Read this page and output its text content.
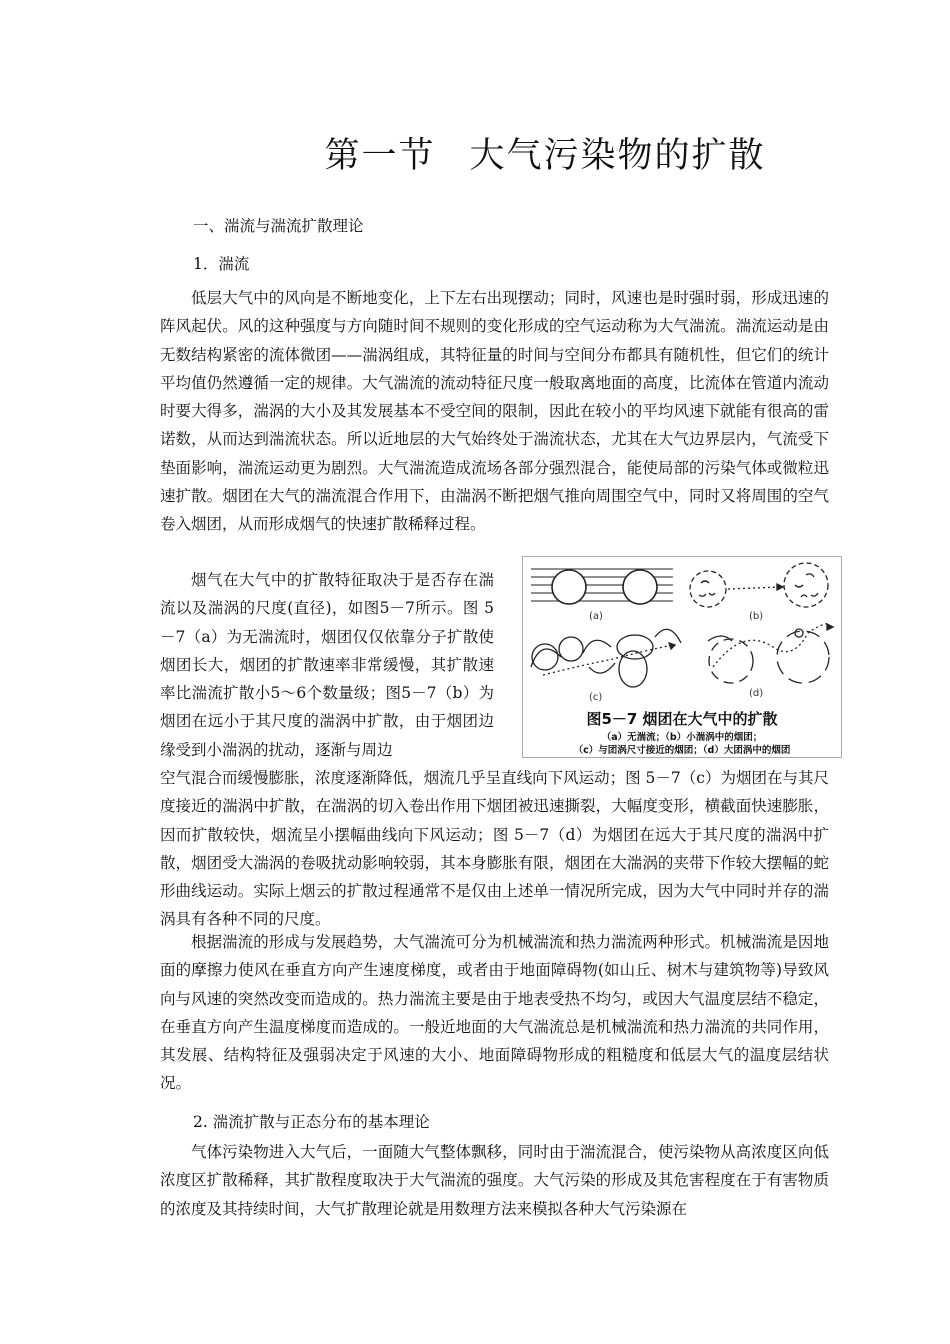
第一节 大气污染物的扩散

一、湍流与湍流扩散理论

1．湍流

低层大气中的风向是不断地变化，上下左右出现摆动；同时，风速也是时强时弱，形成迅速的阵风起伏。风的这种强度与方向随时间不规则的变化形成的空气运动称为大气湍流。湍流运动是由无数结构紧密的流体微团——湍涡组成，其特征量的时间与空间分布都具有随机性，但它们的统计平均值仍然遵循一定的规律。大气湍流的流动特征尺度一般取离地面的高度，比流体在管道内流动时要大得多，湍涡的大小及其发展基本不受空间的限制，因此在较小的平均风速下就能有很高的雷诺数，从而达到湍流状态。所以近地层的大气始终处于湍流状态，尤其在大气边界层内，气流受下垫面影响，湍流运动更为剧烈。大气湍流造成流场各部分强烈混合，能使局部的污染气体或微粒迅速扩散。烟团在大气的湍流混合作用下，由湍涡不断把烟气推向周围空气中，同时又将周围的空气卷入烟团，从而形成烟气的快速扩散稀释过程。

烟气在大气中的扩散特征取决于是否存在湍流以及湍涡的尺度(直径)，如图5－7所示。图 5－7（a）为无湍流时，烟团仅仅依靠分子扩散使烟团长大，烟团的扩散速率非常缓慢，其扩散速率比湍流扩散小5～6个数量级；图5－7（b）为烟团在远小于其尺度的湍涡中扩散，由于烟团边缘受到小湍涡的扰动，逐渐与周边

(a)	(b)
(c)	(d)
图5－7 烟团在大气中的扩散
（a）无湍流；（b）小湍涡中的烟团；
（c）与团涡尺寸接近的烟团；（d）大团涡中的烟团

空气混合而缓慢膨胀，浓度逐渐降低，烟流几乎呈直线向下风运动；图 5－7（c）为烟团在与其尺度接近的湍涡中扩散，在湍涡的切入卷出作用下烟团被迅速撕裂，大幅度变形，横截面快速膨胀，因而扩散较快，烟流呈小摆幅曲线向下风运动；图 5－7（d）为烟团在远大于其尺度的湍涡中扩散，烟团受大湍涡的卷吸扰动影响较弱，其本身膨胀有限，烟团在大湍涡的夹带下作较大摆幅的蛇形曲线运动。实际上烟云的扩散过程通常不是仅由上述单一情况所完成，因为大气中同时并存的湍涡具有各种不同的尺度。

根据湍流的形成与发展趋势，大气湍流可分为机械湍流和热力湍流两种形式。机械湍流是因地面的摩擦力使风在垂直方向产生速度梯度，或者由于地面障碍物(如山丘、树木与建筑物等)导致风向与风速的突然改变而造成的。热力湍流主要是由于地表受热不均匀，或因大气温度层结不稳定，在垂直方向产生温度梯度而造成的。一般近地面的大气湍流总是机械湍流和热力湍流的共同作用，其发展、结构特征及强弱决定于风速的大小、地面障碍物形成的粗糙度和低层大气的温度层结状况。

2. 湍流扩散与正态分布的基本理论

气体污染物进入大气后，一面随大气整体飘移，同时由于湍流混合，使污染物从高浓度区向低浓度区扩散稀释，其扩散程度取决于大气湍流的强度。大气污染的形成及其危害程度在于有害物质的浓度及其持续时间，大气扩散理论就是用数理方法来模拟各种大气污染源在
